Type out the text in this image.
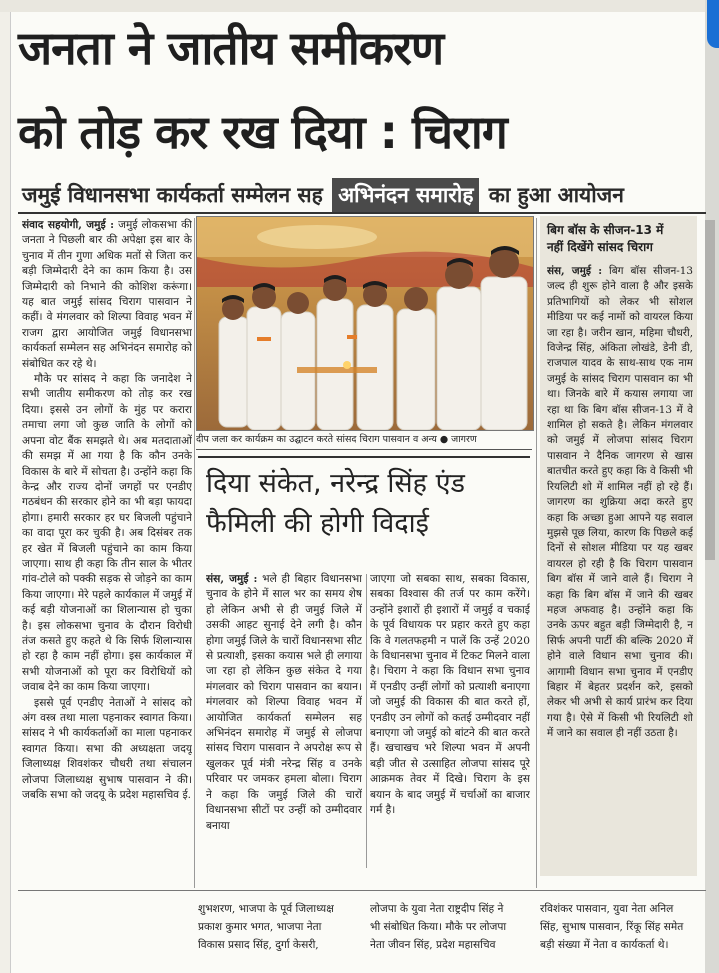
जनता ने जातीय समीकरण
को तोड़ कर रख दिया : चिराग
जमुई विधानसभा कार्यकर्ता सम्मेलन सह अभिनंदन समारोह का हुआ आयोजन

संवाद सहयोगी, जमुई : जमुई लोकसभा की जनता ने पिछली बार की अपेक्षा इस बार के चुनाव में तीन गुणा अधिक मतों से जिता कर बड़ी जिम्मेदारी देने का काम किया है। उस जिम्मेदारी को निभाने की कोशिश करूंगा। यह बात जमुई सांसद चिराग पासवान ने कहीं। वे मंगलवार को शिल्पा विवाह भवन में राजग द्वारा आयोजित जमुई विधानसभा कार्यकर्ता सम्मेलन सह अभिनंदन समारोह को संबोधित कर रहे थे।

मौके पर सांसद ने कहा कि जनादेश ने सभी जातीय समीकरण को तोड़ कर रख दिया। इससे उन लोगों के मुंह पर करारा तमाचा लगा जो कुछ जाति के लोगों को अपना वोट बैंक समझते थे। अब मतदाताओं की समझ में आ गया है कि कौन उनके विकास के बारे में सोचता है। उन्होंने कहा कि केन्द्र और राज्य दोनों जगहों पर एनडीए गठबंधन की सरकार होने का भी बड़ा फायदा होगा। हमारी सरकार हर घर बिजली पहुंचाने का वादा पूरा कर चुकी है। अब दिसंबर तक हर खेत में बिजली पहुंचाने का काम किया जाएगा। साथ ही कहा कि तीन साल के भीतर गांव-टोले को पक्की सड़क से जोड़ने का काम किया जाएगा। मेरे पहले कार्यकाल में जमुई में कई बड़ी योजनाओं का शिलान्यास हो चुका है। इस लोकसभा चुनाव के दौरान विरोधी तंज कसते हुए कहते थे कि सिर्फ शिलान्यास हो रहा है काम नहीं होगा। इस कार्यकाल में सभी योजनाओं को पूरा कर विरोधियों को जवाब देने का काम किया जाएगा।

इससे पूर्व एनडीए नेताओं ने सांसद को अंग वस्त्र तथा माला पहनाकर स्वागत किया। सांसद ने भी कार्यकर्ताओं का माला पहनाकर स्वागत किया। सभा की अध्यक्षता जदयू जिलाध्यक्ष शिवशंकर चौधरी तथा संचालन लोजपा जिलाध्यक्ष सुभाष पासवान ने की। जबकि सभा को जदयू के प्रदेश महासचिव ई.

दीप जला कर कार्यक्रम का उद्घाटन करते सांसद चिराग पासवान व अन्य ● जागरण
दिया संकेत, नरेन्द्र सिंह एंड
फैमिली की होगी विदाई

संस, जमुई : भले ही बिहार विधानसभा चुनाव के होने में साल भर का समय शेष हो लेकिन अभी से ही जमुई जिले में उसकी आहट सुनाई देने लगी है। कौन होगा जमुई जिले के चारों विधानसभा सीट से प्रत्याशी, इसका कयास भले ही लगाया जा रहा हो लेकिन कुछ संकेत दे गया मंगलवार को चिराग पासवान का बयान। मंगलवार को शिल्पा विवाह भवन में आयोजित कार्यकर्ता सम्मेलन सह अभिनंदन समारोह में जमुई से लोजपा सांसद चिराग पासवान ने अपरोक्ष रूप से खुलकर पूर्व मंत्री नरेन्द्र सिंह व उनके परिवार पर जमकर हमला बोला। चिराग ने कहा कि जमुई जिले की चारों विधानसभा सीटों पर उन्हीं को उम्मीदवार बनाया

जाएगा जो सबका साथ, सबका विकास, सबका विश्वास की तर्ज पर काम करेंगे। उन्होंने इशारों ही इशारों में जमुई व चकाई के पूर्व विधायक पर प्रहार करते हुए कहा कि वे गलतफहमी न पालें कि उन्हें 2020 के विधानसभा चुनाव में टिकट मिलने वाला है। चिराग ने कहा कि विधान सभा चुनाव में एनडीए उन्हीं लोगों को प्रत्याशी बनाएगा जो जमुई की विकास की बात करते हों, एनडीए उन लोगों को कतई उम्मीदवार नहीं बनाएगा जो जमुई को बांटने की बात करते हैं। खचाखच भरे शिल्पा भवन में अपनी बड़ी जीत से उत्साहित लोजपा सांसद पूरे आक्रमक तेवर में दिखे। चिराग के इस बयान के बाद जमुई में चर्चाओं का बाजार गर्म है।

बिग बॉस के सीजन-13 में
नहीं दिखेंगे सांसद चिराग

संस, जमुई : बिग बॉस सीजन-13 जल्द ही शुरू होने वाला है और इसके प्रतिभागियों को लेकर भी सोशल मीडिया पर कई नामों को वायरल किया जा रहा है। जरीन खान, महिमा चौधरी, विजेन्द्र सिंह, अंकिता लोखंडे, डेनी डी, राजपाल यादव के साथ-साथ एक नाम जमुई के सांसद चिराग पासवान का भी था। जिनके बारे में कयास लगाया जा रहा था कि बिग बॉस सीजन-13 में वे शामिल हो सकते है। लेकिन मंगलवार को जमुई में लोजपा सांसद चिराग पासवान ने दैनिक जागरण से खास बातचीत करते हुए कहा कि वे किसी भी रियलिटी शो में शामिल नहीं हो रहे हैं। जागरण का शुक्रिया अदा करते हुए कहा कि अच्छा हुआ आपने यह सवाल मुझसे पूछ लिया, कारण कि पिछले कई दिनों से सोशल मीडिया पर यह खबर वायरल हो रही है कि चिराग पासवान बिग बॉस में जाने वाले हैं। चिराग ने कहा कि बिग बॉस में जाने की खबर महज अफवाह है। उन्होंने कहा कि उनके ऊपर बहुत बड़ी जिम्मेदारी है, न सिर्फ अपनी पार्टी की बल्कि 2020 में होने वाले विधान सभा चुनाव की। आगामी विधान सभा चुनाव में एनडीए बिहार में बेहतर प्रदर्शन करे, इसको लेकर भी अभी से कार्य प्रारंभ कर दिया गया है। ऐसे में किसी भी रियलिटी शो में जाने का सवाल ही नहीं उठता है।

शुभशरण, भाजपा के पूर्व जिलाध्यक्ष
प्रकाश कुमार भगत, भाजपा नेता
विकास प्रसाद सिंह, दुर्गा केसरी,
लोजपा के युवा नेता राष्ट्रदीप सिंह ने
भी संबोधित किया। मौके पर लोजपा
नेता जीवन सिंह, प्रदेश महासचिव
रविशंकर पासवान, युवा नेता अनिल
सिंह, सुभाष पासवान, रिंकू सिंह समेत
बड़ी संख्या में नेता व कार्यकर्ता थे।
